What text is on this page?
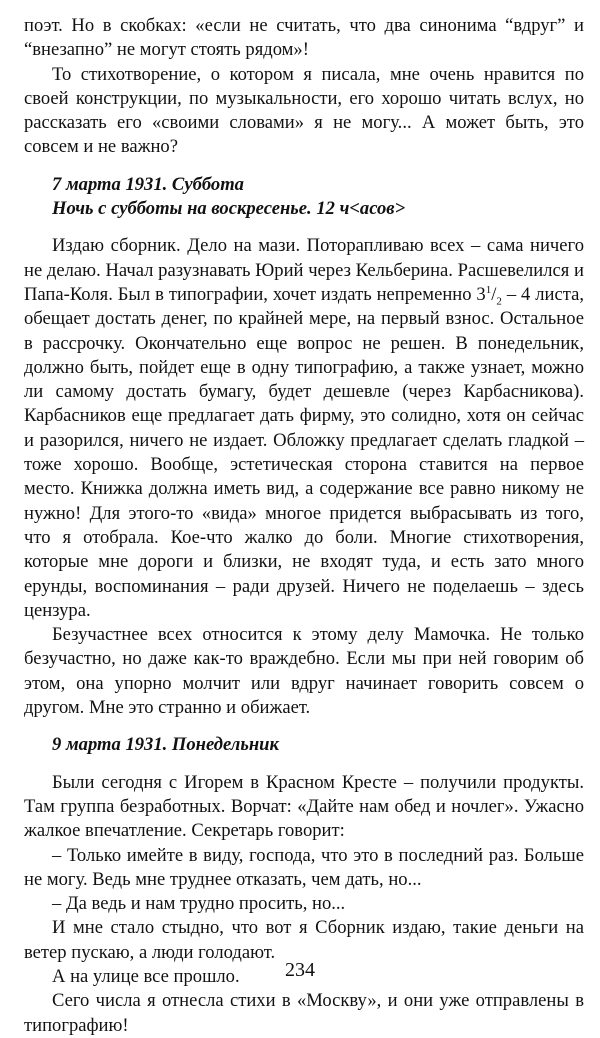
поэт. Но в скобках: «если не считать, что два синонима “вдруг” и “внезапно” не могут стоять рядом»!

То стихотворение, о котором я писала, мне очень нравится по своей конструкции, по музыкальности, его хорошо читать вслух, но рассказать его «своими словами» я не могу... А может быть, это совсем и не важно?

7 марта 1931. Суббота

Ночь с субботы на воскресенье. 12 ч<асов>

Издаю сборник. Дело на мази. Поторапливаю всех – сама ничего не делаю. Начал разузнавать Юрий через Кельберина. Расшевелился и Папа-Коля. Был в типографии, хочет издать непременно $3^1/_2 - 4$ листа, обещает достать денег, по крайней мере, на первый взнос. Остальное в рассрочку. Окончательно еще вопрос не решен. В понедельник, должно быть, пойдет еще в одну типографию, а также узнает, можно ли самому достать бумагу, будет дешевле (через Карбасникова). Карбасников еще предлагает дать фирму, это солидно, хотя он сейчас и разорился, ничего не издает. Обложку предлагает сделать гладкой – тоже хорошо. Вообще, эстетическая сторона ставится на первое место. Книжка должна иметь вид, а содержание все равно никому не нужно! Для этого-то «вида» многое придется выбрасывать из того, что я отобрала. Кое-что жалко до боли. Многие стихотворения, которые мне дороги и близки, не входят туда, и есть зато много ерунды, воспоминания – ради друзей. Ничего не поделаешь – здесь цензура.

Безучастнее всех относится к этому делу Мамочка. Не только безучастно, но даже как-то враждебно. Если мы при ней говорим об этом, она упорно молчит или вдруг начинает говорить совсем о другом. Мне это странно и обижает.

9 марта 1931. Понедельник

Были сегодня с Игорем в Красном Кресте – получили продукты. Там группа безработных. Ворчат: «Дайте нам обед и ночлег». Ужасно жалкое впечатление. Секретарь говорит:

– Только имейте в виду, господа, что это в последний раз. Больше не могу. Ведь мне труднее отказать, чем дать, но...

– Да ведь и нам трудно просить, но...

И мне стало стыдно, что вот я Сборник издаю, такие деньги на ветер пускаю, а люди голодают.

А на улице все прошло.

Сего числа я отнесла стихи в «Москву», и они уже отправлены в типографию!

234
